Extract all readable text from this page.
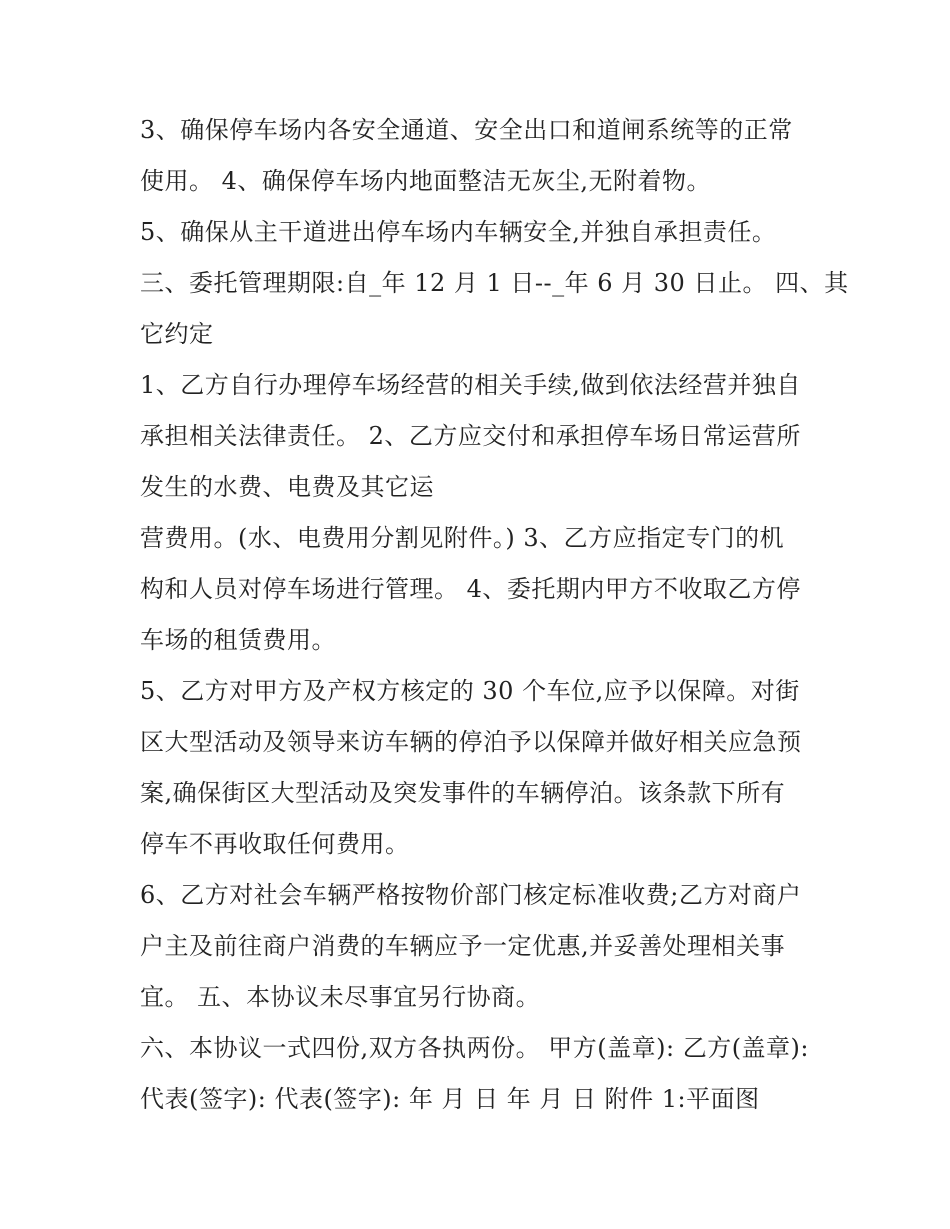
3、确保停车场内各安全通道、安全出口和道闸系统等的正常
使用。 4、确保停车场内地面整洁无灰尘,无附着物。
5、确保从主干道进出停车场内车辆安全,并独自承担责任。
三、委托管理期限:自_年 12 月 1 日--_年 6 月 30 日止。 四、其
它约定
1、乙方自行办理停车场经营的相关手续,做到依法经营并独自
承担相关法律责任。 2、乙方应交付和承担停车场日常运营所
发生的水费、电费及其它运
营费用。(水、电费用分割见附件。) 3、乙方应指定专门的机
构和人员对停车场进行管理。 4、委托期内甲方不收取乙方停
车场的租赁费用。
5、乙方对甲方及产权方核定的 30 个车位,应予以保障。对街
区大型活动及领导来访车辆的停泊予以保障并做好相关应急预
案,确保街区大型活动及突发事件的车辆停泊。该条款下所有
停车不再收取任何费用。
6、乙方对社会车辆严格按物价部门核定标准收费;乙方对商户
户主及前往商户消费的车辆应予一定优惠,并妥善处理相关事
宜。 五、本协议未尽事宜另行协商。
六、本协议一式四份,双方各执两份。 甲方(盖章): 乙方(盖章):
代表(签字): 代表(签字): 年 月 日 年 月 日 附件 1:平面图
